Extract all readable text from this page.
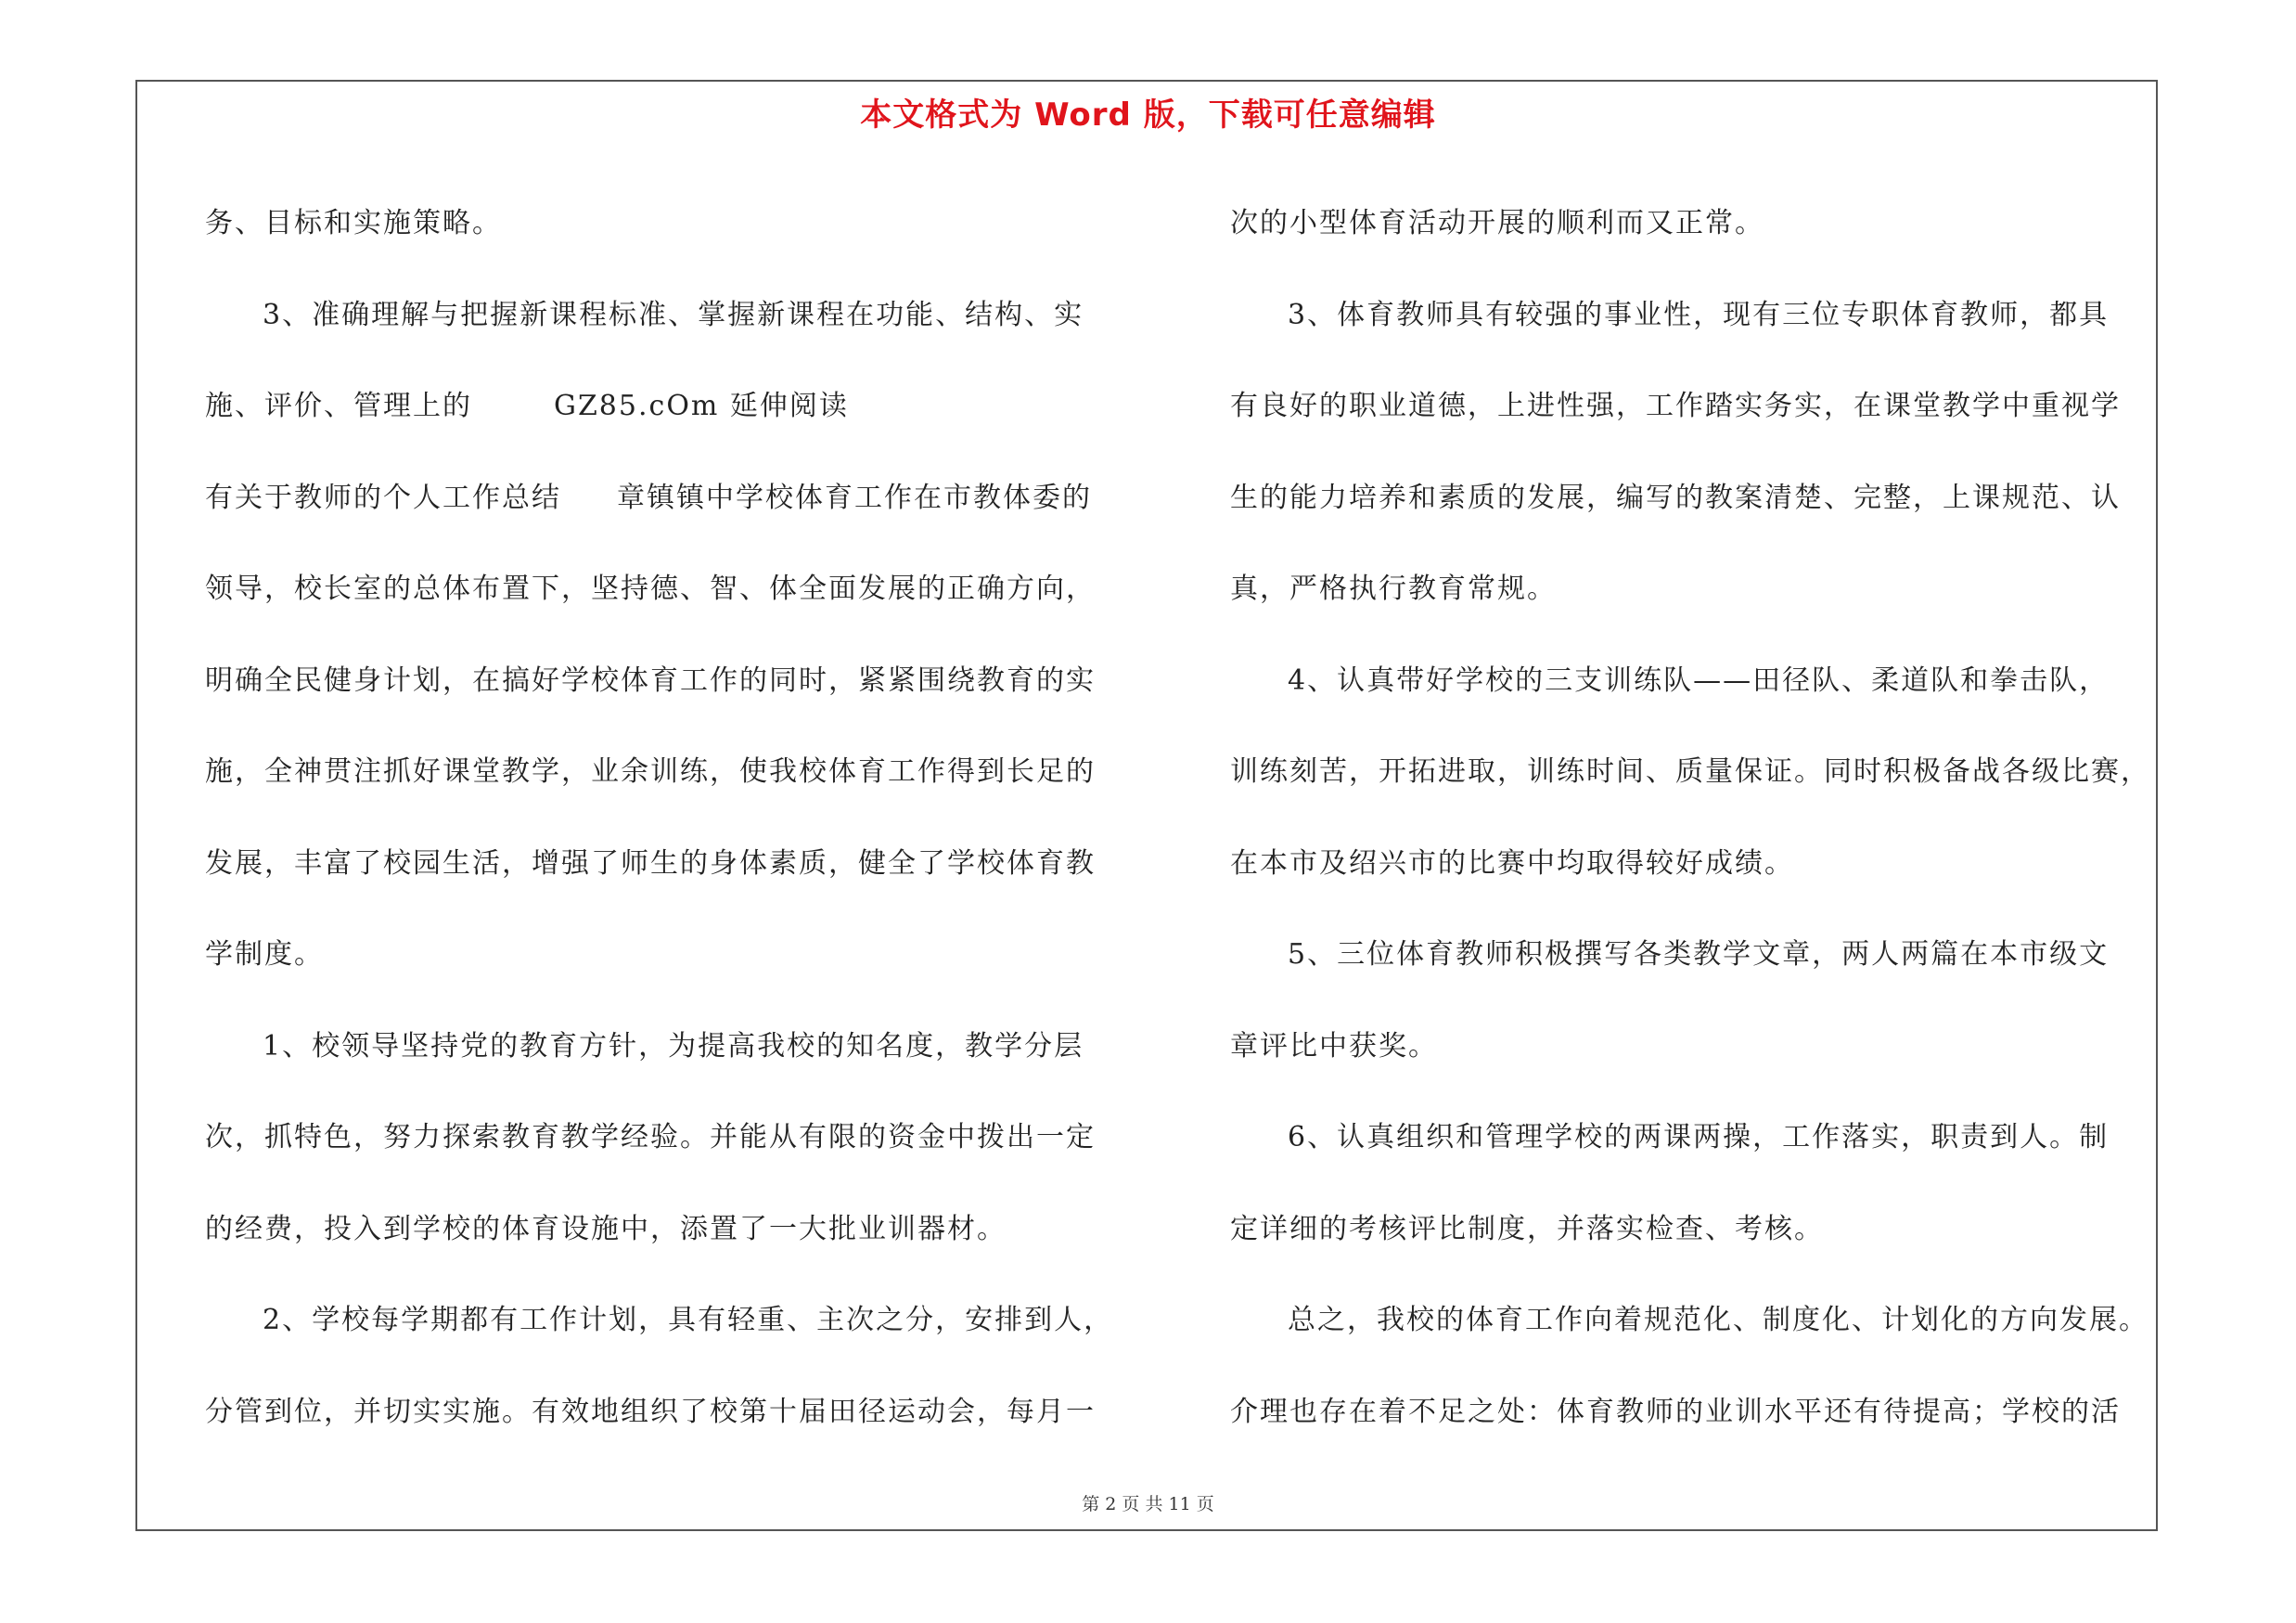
本文格式为 Word 版，下载可任意编辑
务、目标和实施策略。
3、准确理解与把握新课程标准、掌握新课程在功能、结构、实
施、评价、管理上的	GZ85.cOm 延伸阅读
有关于教师的个人工作总结 章镇镇中学校体育工作在市教体委的
领导，校长室的总体布置下，坚持德、智、体全面发展的正确方向，
明确全民健身计划，在搞好学校体育工作的同时，紧紧围绕教育的实
施，全神贯注抓好课堂教学，业余训练，使我校体育工作得到长足的
发展，丰富了校园生活，增强了师生的身体素质，健全了学校体育教
学制度。
1、校领导坚持党的教育方针，为提高我校的知名度，教学分层
次，抓特色，努力探索教育教学经验。并能从有限的资金中拨出一定
的经费，投入到学校的体育设施中，添置了一大批业训器材。
2、学校每学期都有工作计划，具有轻重、主次之分，安排到人，
分管到位，并切实实施。有效地组织了校第十届田径运动会，每月一
次的小型体育活动开展的顺利而又正常。
3、体育教师具有较强的事业性，现有三位专职体育教师，都具
有良好的职业道德，上进性强，工作踏实务实，在课堂教学中重视学
生的能力培养和素质的发展，编写的教案清楚、完整，上课规范、认
真，严格执行教育常规。
4、认真带好学校的三支训练队——田径队、柔道队和拳击队，
训练刻苦，开拓进取，训练时间、质量保证。同时积极备战各级比赛，
在本市及绍兴市的比赛中均取得较好成绩。
5、三位体育教师积极撰写各类教学文章，两人两篇在本市级文
章评比中获奖。
6、认真组织和管理学校的两课两操，工作落实，职责到人。制
定详细的考核评比制度，并落实检查、考核。
总之，我校的体育工作向着规范化、制度化、计划化的方向发展。
介理也存在着不足之处：体育教师的业训水平还有待提高；学校的活
第 2 页 共 11 页
